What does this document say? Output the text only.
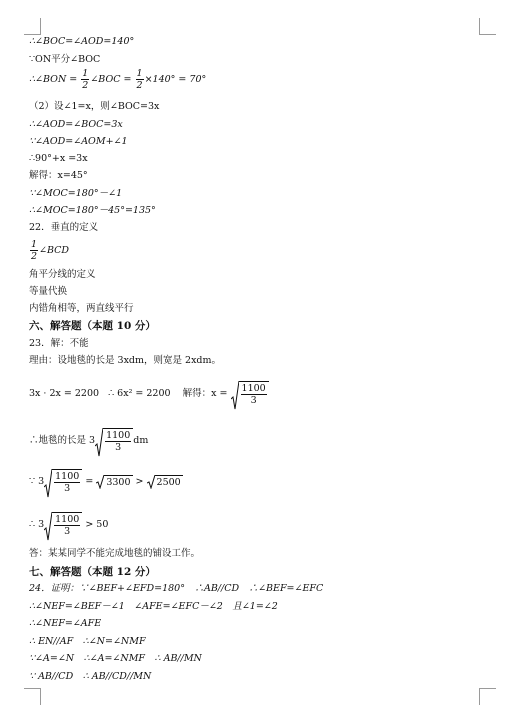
∴∠BOC=∠AOD=140°
∵ON平分∠BOC
∴∠BON = $\frac{1}{2}$ ∠BOC = $\frac{1}{2} \times 140^\circ = 70^\circ$
（2）设∠1=x，则∠BOC=3x
∴∠AOD=∠BOC=3x
∵∠AOD=∠AOM+∠1
∴90°+x =3x
解得：x=45°
∵∠MOC=180°－∠1
∴∠MOC=180°－45°=135°
22．垂直的定义
$\frac{1}{2}$ ∠BCD
角平分线的定义
等量代换
内错角相等，两直线平行
六、解答题（本题 10 分）
23．解：不能
理由：设地毯的长是 3xdm，则宽是 2xdm。
3x · 2x = 2200 ∴ 6x² = 2200 解得：$x = \frac{1100}{3}$
∴地毯的长是 $3 \frac{1100}{3}$ dm
∵ $3 \frac{1100}{3} = 3300 > 2500$
∴ $3 \frac{1100}{3} > 50$
答：某某同学不能完成地毯的铺设工作。
七、解答题（本题 12 分）
24．证明：∵∠BEF+∠EFD=180°　∴AB//CD　∴∠BEF=∠EFC
∴∠NEF=∠BEF－∠1　∠AFE=∠EFC－∠2　且∠1=∠2
∴∠NEF=∠AFE
∴ EN//AF　∴∠N=∠NMF
∵∠A=∠N　∴∠A=∠NMF　∴ AB//MN
∵ AB//CD　∴ AB//CD//MN
